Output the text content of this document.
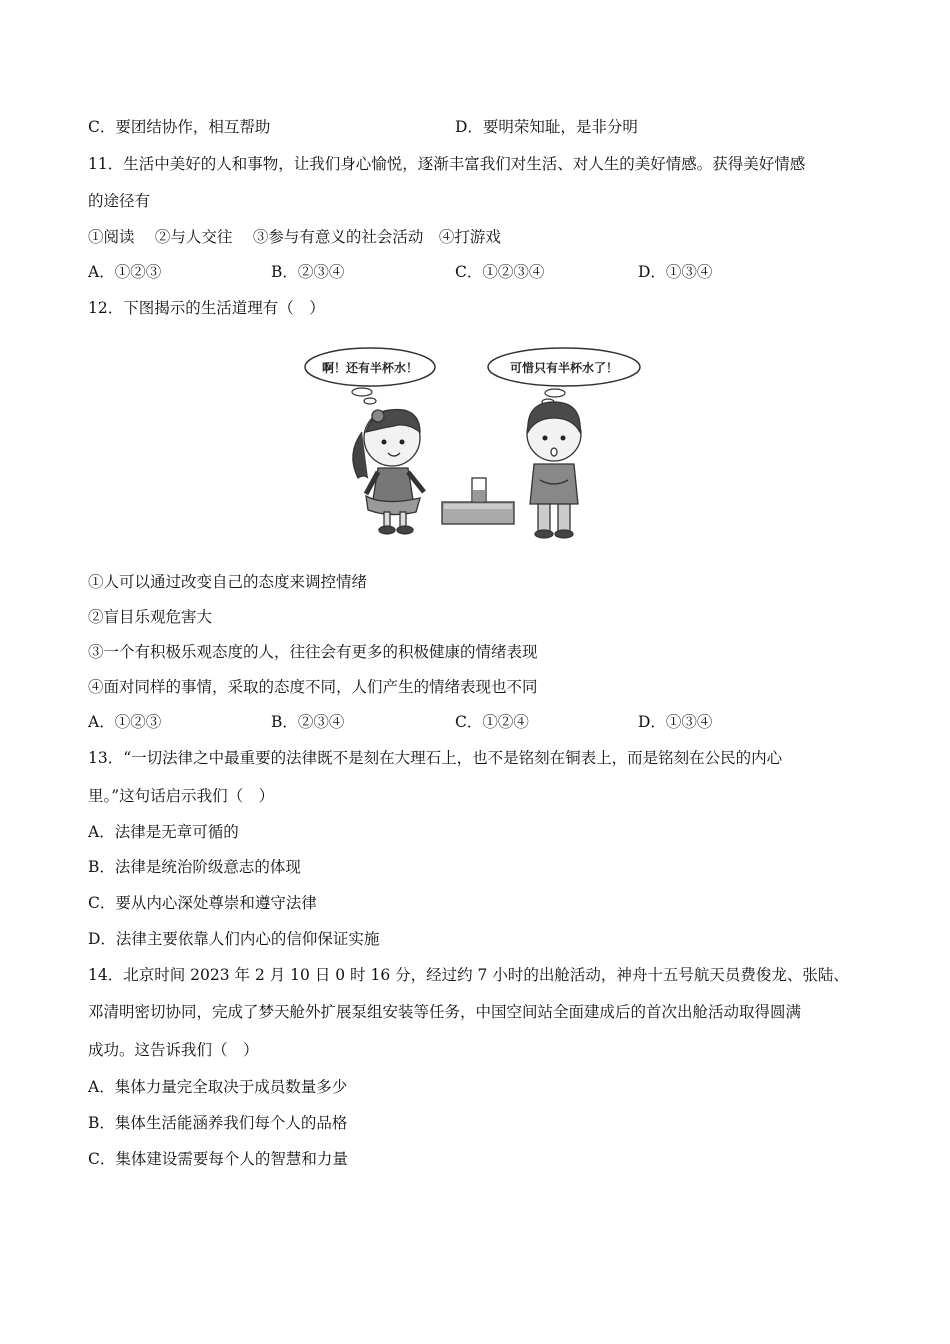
C．要团结协作，相互帮助	D．要明荣知耻，是非分明
11．生活中美好的人和事物，让我们身心愉悦，逐渐丰富我们对生活、对人生的美好情感。获得美好情感
的途径有
①阅读　 ②与人交往　 ③参与有意义的社会活动　④打游戏
A．①②③	B．②③④	C．①②③④	D．①③④
12．下图揭示的生活道理有（　）
啊！还有半杯水！	可惜只有半杯水了！
①人可以通过改变自己的态度来调控情绪
②盲目乐观危害大
③一个有积极乐观态度的人，往往会有更多的积极健康的情绪表现
④面对同样的事情，采取的态度不同，人们产生的情绪表现也不同
A．①②③	B．②③④	C．①②④	D．①③④
13．“一切法律之中最重要的法律既不是刻在大理石上，也不是铭刻在铜表上，而是铭刻在公民的内心
里。”这句话启示我们（　）
A．法律是无章可循的
B．法律是统治阶级意志的体现
C．要从内心深处尊崇和遵守法律
D．法律主要依靠人们内心的信仰保证实施
14．北京时间 2023 年 2 月 10 日 0 时 16 分，经过约 7 小时的出舱活动，神舟十五号航天员费俊龙、张陆、
邓清明密切协同，完成了梦天舱外扩展泵组安装等任务，中国空间站全面建成后的首次出舱活动取得圆满
成功。这告诉我们（　）
A．集体力量完全取决于成员数量多少
B．集体生活能涵养我们每个人的品格
C．集体建设需要每个人的智慧和力量
